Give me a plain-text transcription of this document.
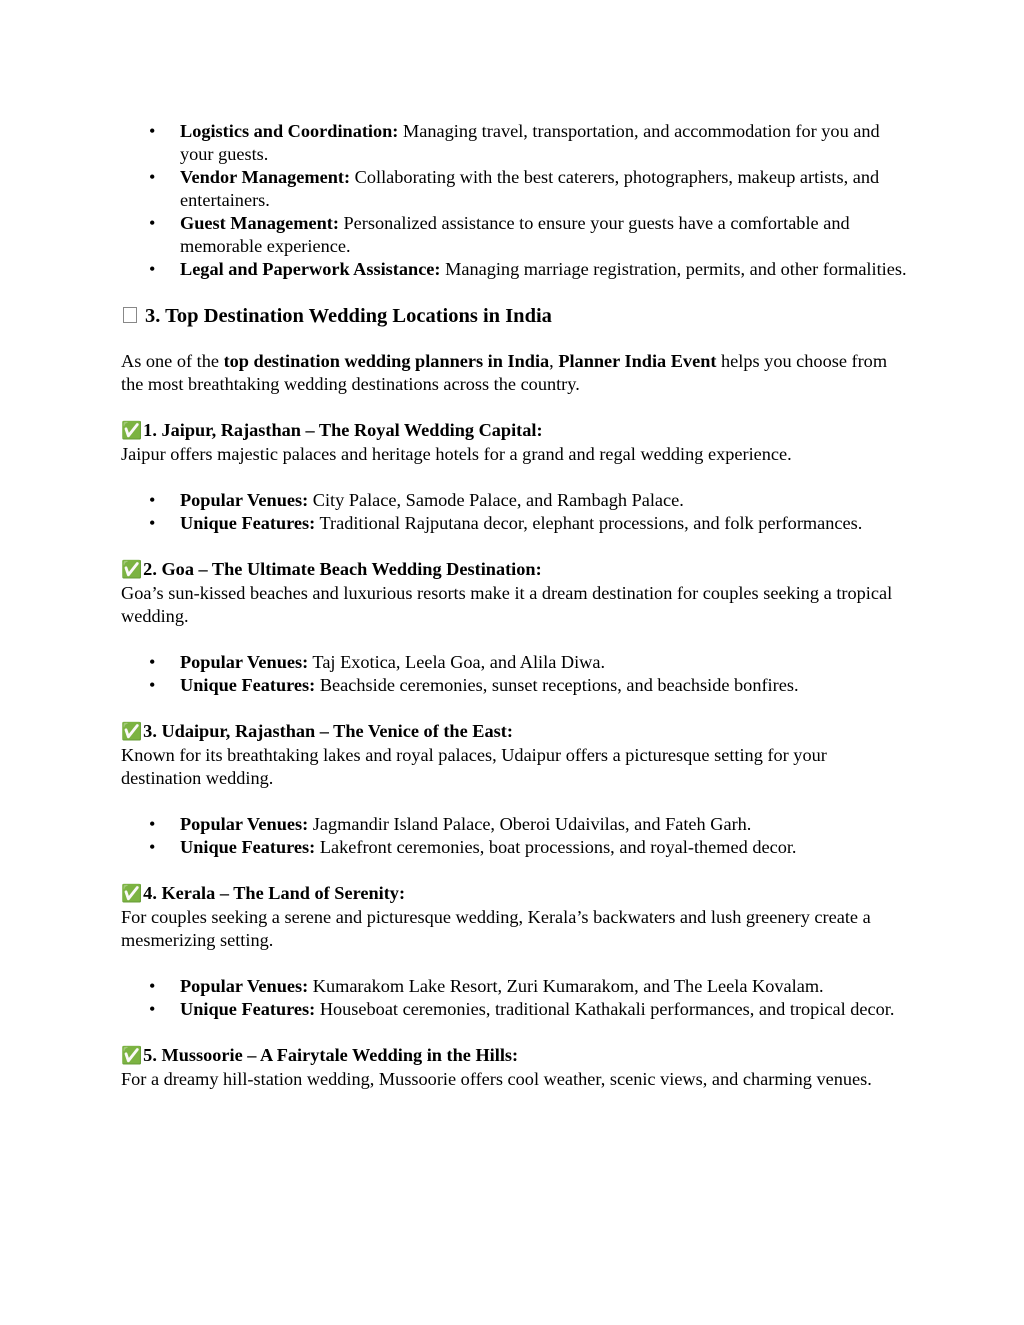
• Logistics and Coordination: Managing travel, transportation, and accommodation for you and your guests.
• Vendor Management: Collaborating with the best caterers, photographers, makeup artists, and entertainers.
• Guest Management: Personalized assistance to ensure your guests have a comfortable and memorable experience.
• Legal and Paperwork Assistance: Managing marriage registration, permits, and other formalities.
3. Top Destination Wedding Locations in India

As one of the top destination wedding planners in India, Planner India Event helps you choose from the most breathtaking wedding destinations across the country.

✅1. Jaipur, Rajasthan – The Royal Wedding Capital:

Jaipur offers majestic palaces and heritage hotels for a grand and regal wedding experience.

• Popular Venues: City Palace, Samode Palace, and Rambagh Palace.
• Unique Features: Traditional Rajputana decor, elephant processions, and folk performances.

✅2. Goa – The Ultimate Beach Wedding Destination:

Goa’s sun-kissed beaches and luxurious resorts make it a dream destination for couples seeking a tropical wedding.

• Popular Venues: Taj Exotica, Leela Goa, and Alila Diwa.
• Unique Features: Beachside ceremonies, sunset receptions, and beachside bonfires.

✅3. Udaipur, Rajasthan – The Venice of the East:

Known for its breathtaking lakes and royal palaces, Udaipur offers a picturesque setting for your destination wedding.

• Popular Venues: Jagmandir Island Palace, Oberoi Udaivilas, and Fateh Garh.
• Unique Features: Lakefront ceremonies, boat processions, and royal-themed decor.

✅4. Kerala – The Land of Serenity:

For couples seeking a serene and picturesque wedding, Kerala’s backwaters and lush greenery create a mesmerizing setting.

• Popular Venues: Kumarakom Lake Resort, Zuri Kumarakom, and The Leela Kovalam.
• Unique Features: Houseboat ceremonies, traditional Kathakali performances, and tropical decor.

✅5. Mussoorie – A Fairytale Wedding in the Hills:

For a dreamy hill-station wedding, Mussoorie offers cool weather, scenic views, and charming venues.
